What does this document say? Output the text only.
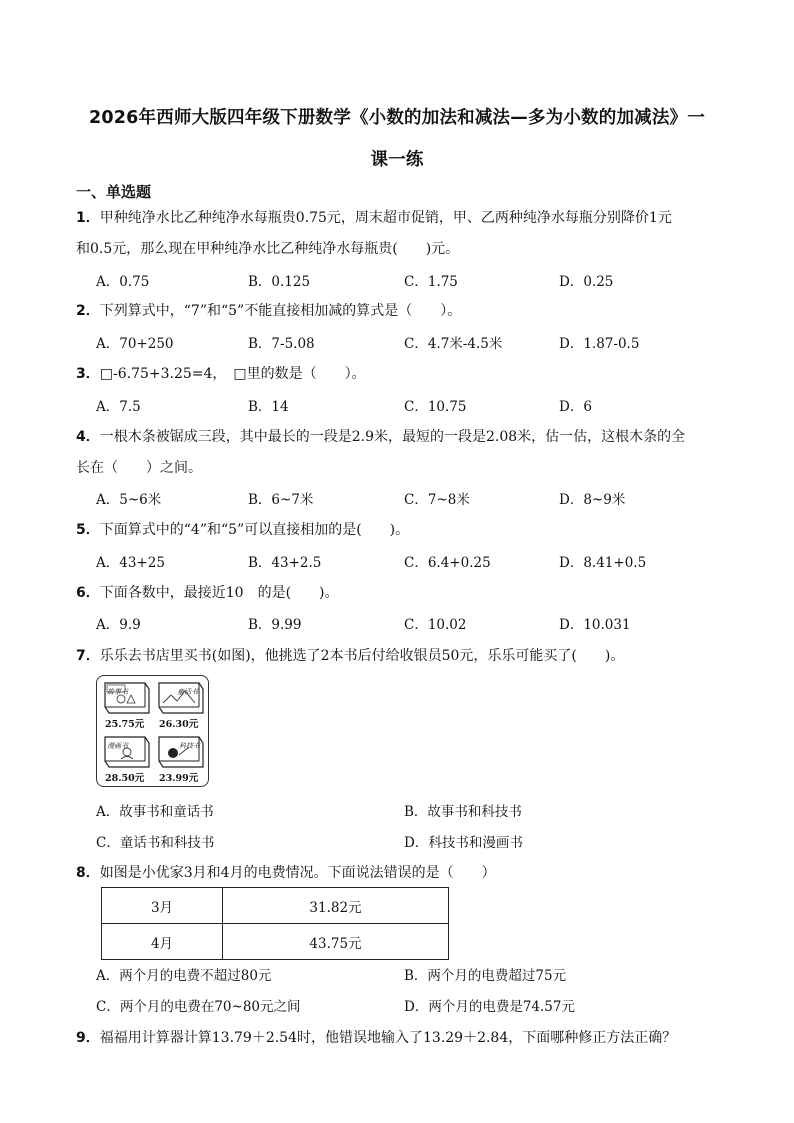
2026年西师大版四年级下册数学《小数的加法和减法—多为小数的加减法》一
课一练
一、单选题
1．甲种纯净水比乙种纯净水每瓶贵0.75元，周末超市促销，甲、乙两种纯净水每瓶分别降价1元
和0.5元，那么现在甲种纯净水比乙种纯净水每瓶贵(　　)元。
A．0.75	B．0.125	C．1.75	D．0.25
2．下列算式中，“7”和“5”不能直接相加减的算式是（　　）。
A．70+250	B．7-5.08	C．4.7米-4.5米	D．1.87-0.5
3．□-6.75+3.25=4，　□里的数是（　　）。
A．7.5	B．14	C．10.75	D．6
4．一根木条被锯成三段，其中最长的一段是2.9米，最短的一段是2.08米，估一估，这根木条的全
长在（　　）之间。
A．5~6米	B．6~7米	C．7~8米	D．8~9米
5．下面算式中的“4”和“5”可以直接相加的是(　　)。
A．43+25	B．43+2.5	C．6.4+0.25	D．8.41+0.5
6．下面各数中，最接近10　的是(　　)。
A．9.9	B．9.99	C．10.02	D．10.031
7．乐乐去书店里买书(如图)，他挑选了2本书后付给收银员50元，乐乐可能买了(　　)。
故事书
25.75元
童话书
26.30元
漫画书
28.50元
科技书
23.99元
A．故事书和童话书	B．故事书和科技书
C．童话书和科技书	D．科技书和漫画书
8．如图是小优家3月和4月的电费情况。下面说法错误的是（　　）
3月	31.82元
4月	43.75元
A．两个月的电费不超过80元	B．两个月的电费超过75元
C．两个月的电费在70~80元之间	D．两个月的电费是74.57元
9．福福用计算器计算13.79＋2.54时，他错误地输入了13.29＋2.84，下面哪种修正方法正确？
